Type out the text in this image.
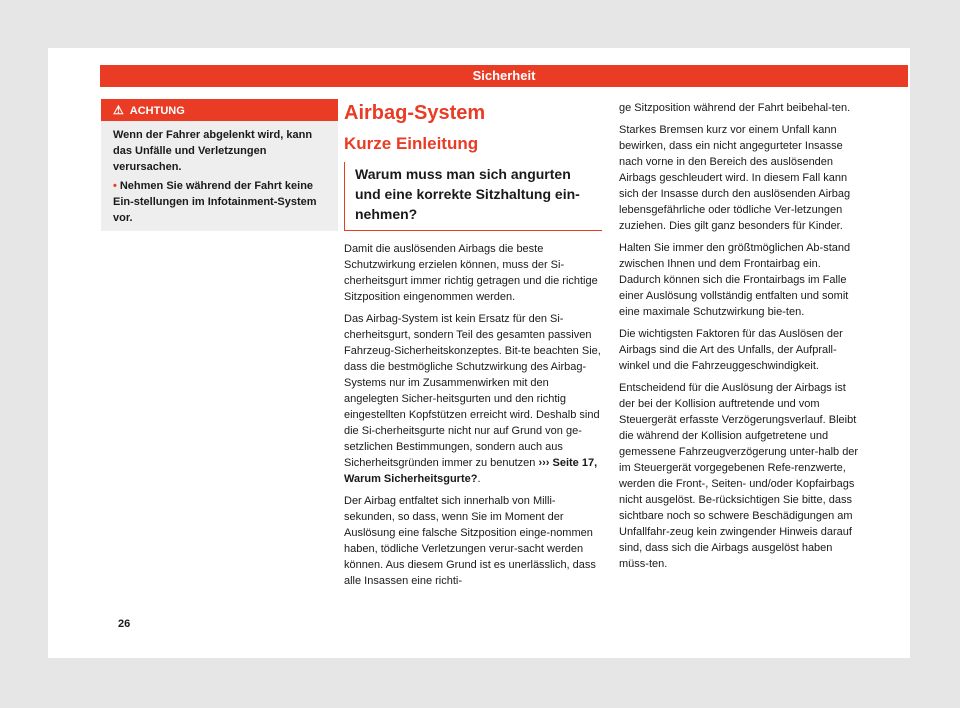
Sicherheit
⚠ ACHTUNG

Wenn der Fahrer abgelenkt wird, kann das Unfälle und Verletzungen verursachen.

• Nehmen Sie während der Fahrt keine Ein-stellungen im Infotainment-System vor.

Airbag-System
Kurze Einleitung
Warum muss man sich angurten und eine korrekte Sitzhaltung ein-nehmen?

Damit die auslösenden Airbags die beste Schutzwirkung erzielen können, muss der Si-cherheitsgurt immer richtig getragen und die richtige Sitzposition eingenommen werden.

Das Airbag-System ist kein Ersatz für den Si-cherheitsgurt, sondern Teil des gesamten passiven Fahrzeug-Sicherheitskonzeptes. Bit-te beachten Sie, dass die bestmögliche Schutzwirkung des Airbag-Systems nur im Zusammenwirken mit den angelegten Sicher-heitsgurten und den richtig eingestellten Kopfstützen erreicht wird. Deshalb sind die Si-cherheitsgurte nicht nur auf Grund von ge-setzlichen Bestimmungen, sondern auch aus Sicherheitsgründen immer zu benutzen ››› Seite 17, Warum Sicherheitsgurte?.

Der Airbag entfaltet sich innerhalb von Milli-sekunden, so dass, wenn Sie im Moment der Auslösung eine falsche Sitzposition einge-nommen haben, tödliche Verletzungen verur-sacht werden können. Aus diesem Grund ist es unerlässlich, dass alle Insassen eine richti-

ge Sitzposition während der Fahrt beibehal-ten.

Starkes Bremsen kurz vor einem Unfall kann bewirken, dass ein nicht angegurteter Insasse nach vorne in den Bereich des auslösenden Airbags geschleudert wird. In diesem Fall kann sich der Insasse durch den auslösenden Airbag lebensgefährliche oder tödliche Ver-letzungen zuziehen. Dies gilt ganz besonders für Kinder.

Halten Sie immer den größtmöglichen Ab-stand zwischen Ihnen und dem Frontairbag ein. Dadurch können sich die Frontairbags im Falle einer Auslösung vollständig entfalten und somit eine maximale Schutzwirkung bie-ten.

Die wichtigsten Faktoren für das Auslösen der Airbags sind die Art des Unfalls, der Aufprall-winkel und die Fahrzeuggeschwindigkeit.

Entscheidend für die Auslösung der Airbags ist der bei der Kollision auftretende und vom Steuergerät erfasste Verzögerungsverlauf. Bleibt die während der Kollision aufgetretene und gemessene Fahrzeugverzögerung unter-halb der im Steuergerät vorgegebenen Refe-renzwerte, werden die Front-, Seiten- und/oder Kopfairbags nicht ausgelöst. Be-rücksichtigen Sie bitte, dass sichtbare noch so schwere Beschädigungen am Unfallfahr-zeug kein zwingender Hinweis darauf sind, dass sich die Airbags ausgelöst haben müss-ten.

26
